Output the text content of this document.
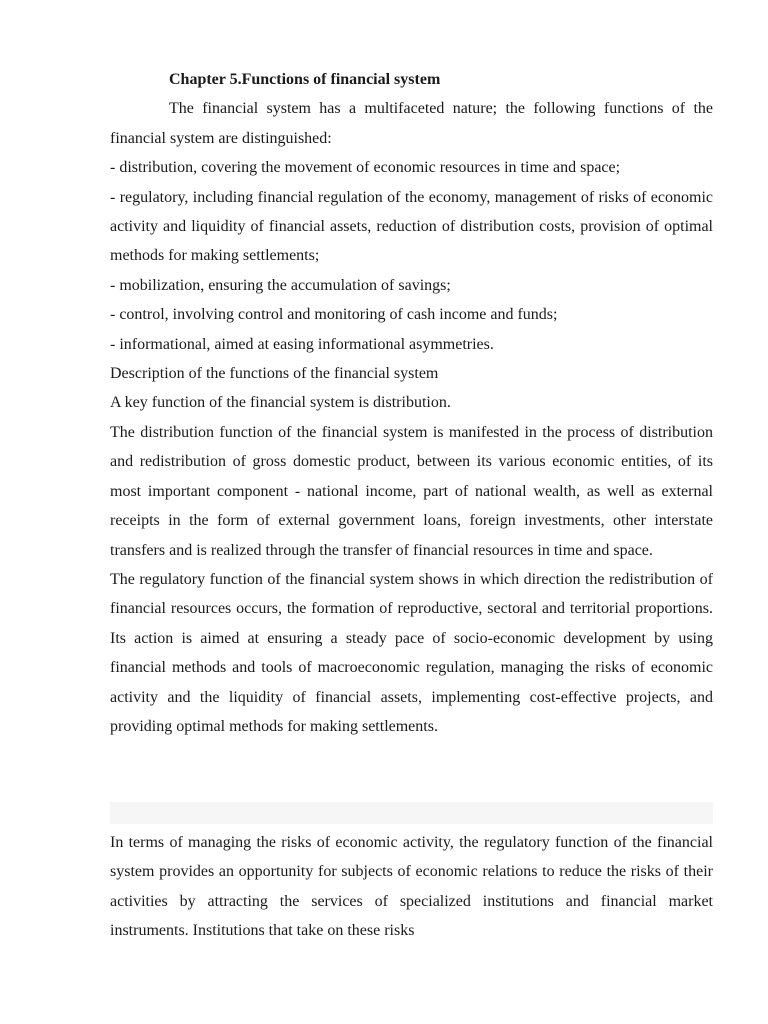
Chapter 5.Functions of financial system

The financial system has a multifaceted nature; the following functions of the financial system are distinguished:

- distribution, covering the movement of economic resources in time and space;

- regulatory, including financial regulation of the economy, management of risks of economic activity and liquidity of financial assets, reduction of distribution costs, provision of optimal methods for making settlements;

- mobilization, ensuring the accumulation of savings;

- control, involving control and monitoring of cash income and funds;

- informational, aimed at easing informational asymmetries.

Description of the functions of the financial system

A key function of the financial system is distribution.

The distribution function of the financial system is manifested in the process of distribution and redistribution of gross domestic product, between its various economic entities, of its most important component - national income, part of national wealth, as well as external receipts in the form of external government loans, foreign investments, other interstate transfers and is realized through the transfer of financial resources in time and space.

The regulatory function of the financial system shows in which direction the redistribution of financial resources occurs, the formation of reproductive, sectoral and territorial proportions. Its action is aimed at ensuring a steady pace of socio-economic development by using financial methods and tools of macroeconomic regulation, managing the risks of economic activity and the liquidity of financial assets, implementing cost-effective projects, and providing optimal methods for making settlements.

In terms of managing the risks of economic activity, the regulatory function of the financial system provides an opportunity for subjects of economic relations to reduce the risks of their activities by attracting the services of specialized institutions and financial market instruments. Institutions that take on these risks
